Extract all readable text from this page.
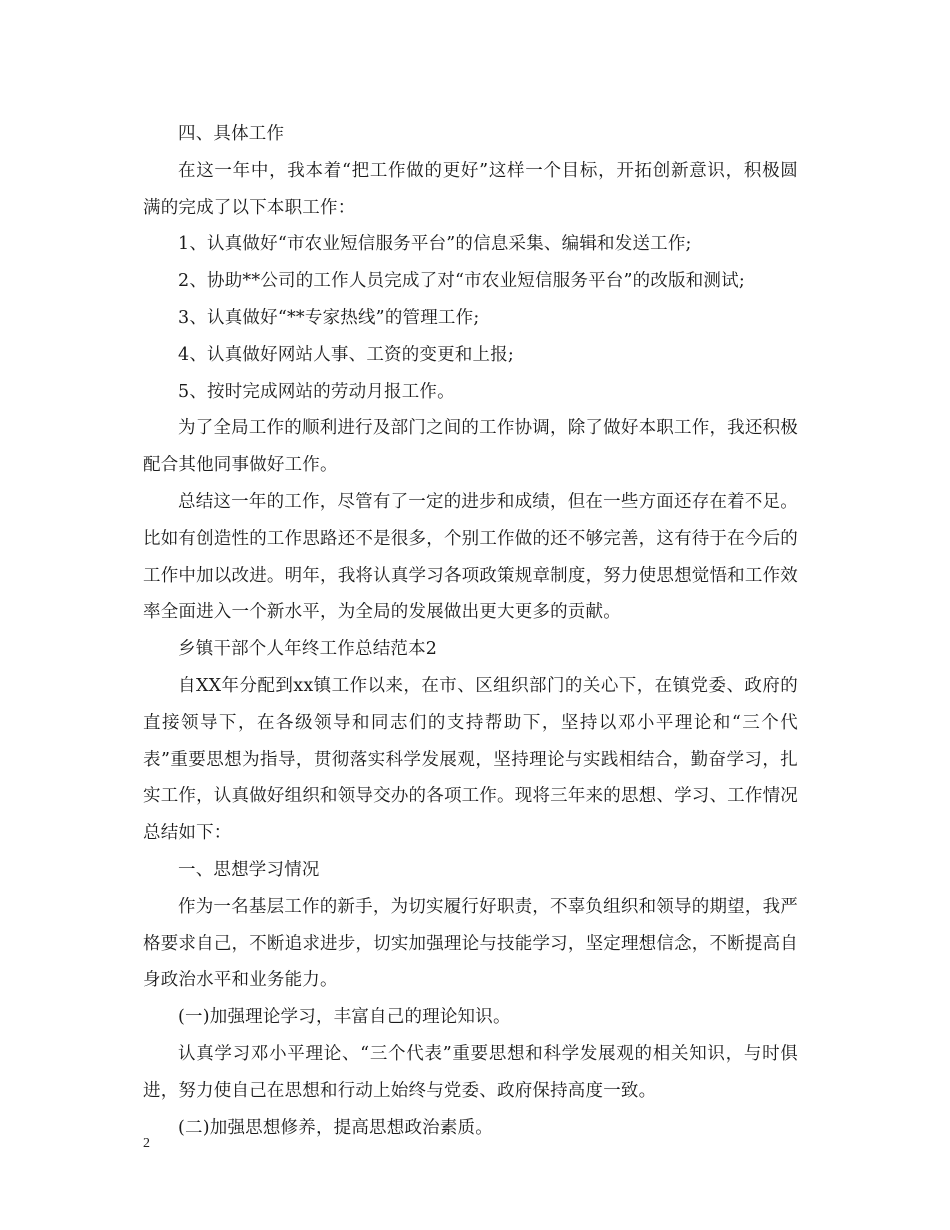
四、具体工作

在这一年中，我本着“把工作做的更好”这样一个目标，开拓创新意识，积极圆满的完成了以下本职工作：

1、认真做好“市农业短信服务平台”的信息采集、编辑和发送工作;

2、协助**公司的工作人员完成了对“市农业短信服务平台”的改版和测试;

3、认真做好“**专家热线”的管理工作;

4、认真做好网站人事、工资的变更和上报;

5、按时完成网站的劳动月报工作。

为了全局工作的顺利进行及部门之间的工作协调，除了做好本职工作，我还积极配合其他同事做好工作。

总结这一年的工作，尽管有了一定的进步和成绩，但在一些方面还存在着不足。比如有创造性的工作思路还不是很多，个别工作做的还不够完善，这有待于在今后的工作中加以改进。明年，我将认真学习各项政策规章制度，努力使思想觉悟和工作效率全面进入一个新水平，为全局的发展做出更大更多的贡献。

乡镇干部个人年终工作总结范本2

自XX年分配到xx镇工作以来，在市、区组织部门的关心下，在镇党委、政府的直接领导下，在各级领导和同志们的支持帮助下，坚持以邓小平理论和“三个代表”重要思想为指导，贯彻落实科学发展观，坚持理论与实践相结合，勤奋学习，扎实工作，认真做好组织和领导交办的各项工作。现将三年来的思想、学习、工作情况总结如下：

一、思想学习情况

作为一名基层工作的新手，为切实履行好职责，不辜负组织和领导的期望，我严格要求自己，不断追求进步，切实加强理论与技能学习，坚定理想信念，不断提高自身政治水平和业务能力。

(一)加强理论学习，丰富自己的理论知识。

认真学习邓小平理论、“三个代表”重要思想和科学发展观的相关知识，与时俱进，努力使自己在思想和行动上始终与党委、政府保持高度一致。

(二)加强思想修养，提高思想政治素质。

2
